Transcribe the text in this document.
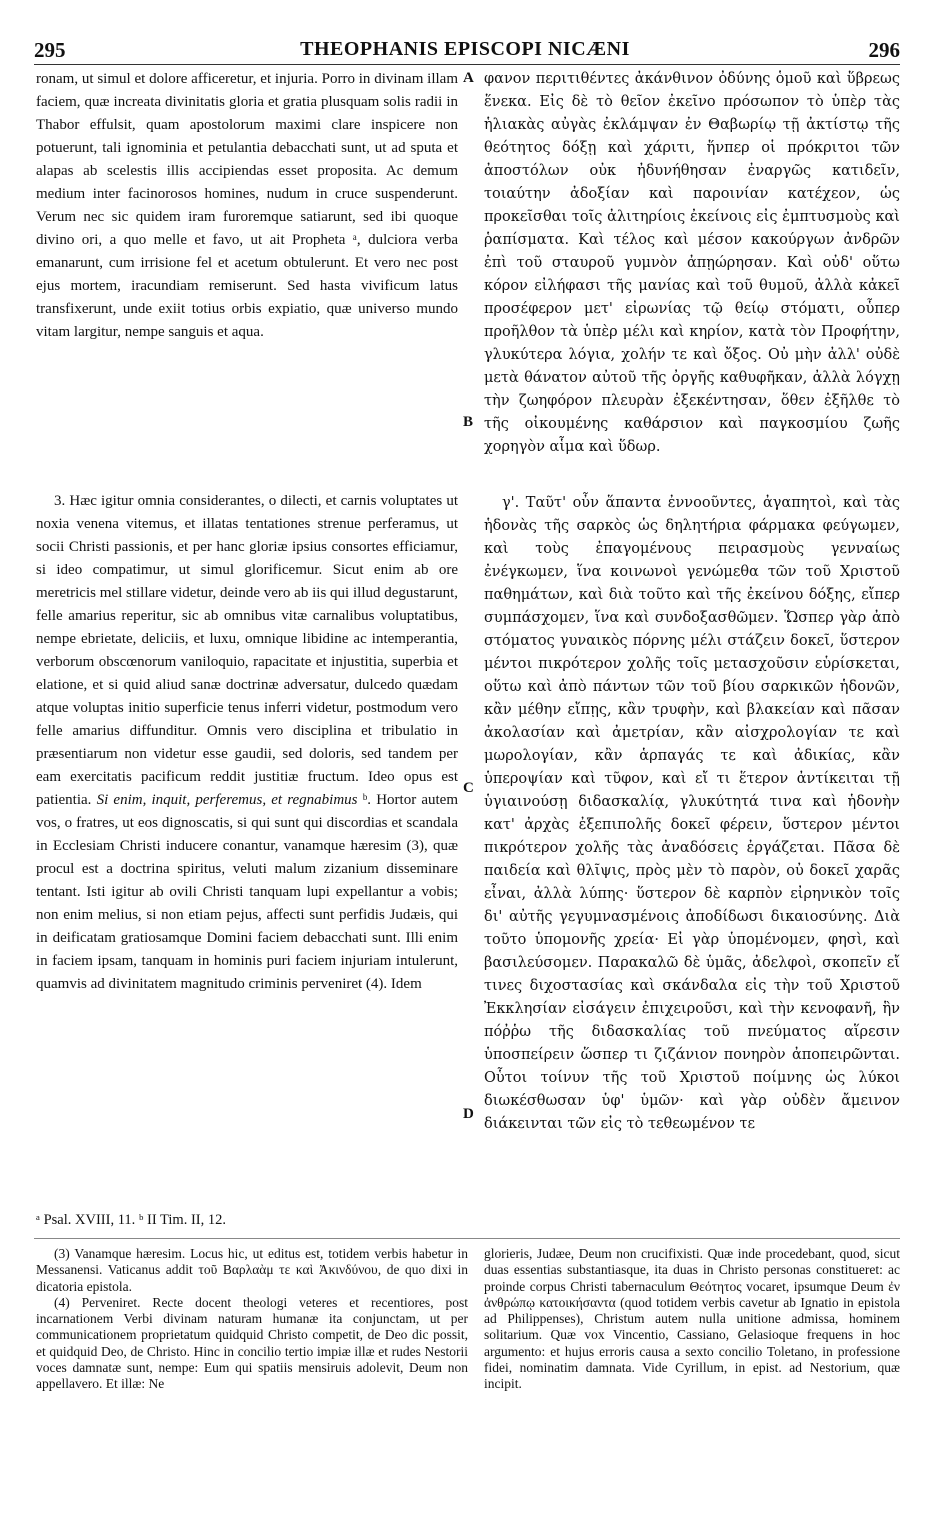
295	THEOPHANIS EPISCOPI NICÆNI	296

ronam, ut simul et dolore afficeretur, et injuria. Porro in divinam illam faciem, quæ increata divinitatis gloria et gratia plusquam solis radii in Thabor effulsit, quam apostolorum maximi clare inspicere non potuerunt, tali ignominia et petulantia debacchati sunt, ut ad sputa et alapas ab scelestis illis accipiendas esset proposita. Ac demum medium inter facinorosos homines, nudum in cruce suspenderunt. Verum nec sic quidem iram furoremque satiarunt, sed ibi quoque divino ori, a quo melle et favo, ut ait Propheta ᵃ, dulciora verba emanarunt, cum irrisione fel et acetum obtulerunt. Et vero nec post ejus mortem, iracundiam remiserunt. Sed hasta vivificum latus transfixerunt, unde exiit totius orbis expiatio, quæ universo mundo vitam largitur, nempe sanguis et aqua.

3. Hæc igitur omnia considerantes, o dilecti, et carnis voluptates ut noxia venena vitemus, et illatas tentationes strenue perferamus, ut socii Christi passionis, et per hanc gloriæ ipsius consortes efficiamur, si ideo compatimur, ut simul glorificemur. Sicut enim ab ore meretricis mel stillare videtur, deinde vero ab iis qui illud degustarunt, felle amarius reperitur, sic ab omnibus vitæ carnalibus voluptatibus, nempe ebrietate, deliciis, et luxu, omnique libidine ac intemperantia, verborum obscœnorum vaniloquio, rapacitate et injustitia, superbia et elatione, et si quid aliud sanæ doctrinæ adversatur, dulcedo quædam atque voluptas initio superficie tenus inferri videtur, postmodum vero felle amarius diffunditur. Omnis vero disciplina et tribulatio in præsentiarum non videtur esse gaudii, sed doloris, sed tandem per eam exercitatis pacificum reddit justitiæ fructum. Ideo opus est patientia. Si enim, inquit, perferemus, et regnabimus ᵇ. Hortor autem vos, o fratres, ut eos dignoscatis, si qui sunt qui discordias et scandala in Ecclesiam Christi inducere conantur, vanamque hæresim (3), quæ procul est a doctrina spiritus, veluti malum zizanium disseminare tentant. Isti igitur ab ovili Christi tanquam lupi expellantur a vobis; non enim melius, si non etiam pejus, affecti sunt perfidis Judæis, qui in deificatam gratiosamque Domini faciem debacchati sunt. Illi enim in faciem ipsam, tanquam in hominis puri faciem injuriam intulerunt, quamvis ad divinitatem magnitudo criminis perveniret (4). Idem

φανον περιτιθέντες ἀκάνθινον ὀδύνης ὁμοῦ καὶ ὕβρεως ἕνεκα. Εἰς δὲ τὸ θεῖον ἐκεῖνο πρόσωπον τὸ ὑπὲρ τὰς ἡλιακὰς αὐγὰς ἐκλάμψαν ἐν Θαβωρίῳ τῇ ἀκτίστῳ τῆς θεότητος δόξῃ καὶ χάριτι, ἥνπερ οἱ πρόκριτοι τῶν ἀποστόλων οὐκ ἠδυνήθησαν ἐναργῶς κατιδεῖν, τοιαύτην ἀδοξίαν καὶ παροινίαν κατέχεον, ὡς προκεῖσθαι τοῖς ἀλιτηρίοις ἐκείνοις εἰς ἐμπτυσμοὺς καὶ ῥαπίσματα. Καὶ τέλος καὶ μέσον κακούργων ἀνδρῶν ἐπὶ τοῦ σταυροῦ γυμνὸν ἀπῃώρησαν. Καὶ οὐδ' οὕτω κόρον εἰλήφασι τῆς μανίας καὶ τοῦ θυμοῦ, ἀλλὰ κἀκεῖ προσέφερον μετ' εἰρωνίας τῷ θείῳ στόματι, οὗπερ προῆλθον τὰ ὑπὲρ μέλι καὶ κηρίον, κατὰ τὸν Προφήτην, γλυκύτερα λόγια, χολήν τε καὶ ὄξος. Οὐ μὴν ἀλλ' οὐδὲ μετὰ θάνατον αὐτοῦ τῆς ὀργῆς καθυφῆκαν, ἀλλὰ λόγχῃ τὴν ζωηφόρον πλευρὰν ἐξεκέντησαν, ὅθεν ἐξῆλθε τὸ τῆς οἰκουμένης καθάρσιον καὶ παγκοσμίου ζωῆς χορηγὸν αἷμα καὶ ὕδωρ.

γ'. Ταῦτ' οὖν ἅπαντα ἐννοοῦντες, ἀγαπητοὶ, καὶ τὰς ἡδονὰς τῆς σαρκὸς ὡς δηλητήρια φάρμακα φεύγωμεν, καὶ τοὺς ἐπαγομένους πειρασμοὺς γενναίως ἐνέγκωμεν, ἵνα κοινωνοὶ γενώμεθα τῶν τοῦ Χριστοῦ παθημάτων, καὶ διὰ τοῦτο καὶ τῆς ἐκείνου δόξης, εἴπερ συμπάσχομεν, ἵνα καὶ συνδοξασθῶμεν. Ὥσπερ γὰρ ἀπὸ στόματος γυναικὸς πόρνης μέλι στάζειν δοκεῖ, ὕστερον μέντοι πικρότερον χολῆς τοῖς μετασχοῦσιν εὑρίσκεται, οὕτω καὶ ἀπὸ πάντων τῶν τοῦ βίου σαρκικῶν ἡδονῶν, κἂν μέθην εἴπῃς, κἂν τρυφὴν, καὶ βλακείαν καὶ πᾶσαν ἀκολασίαν καὶ ἀμετρίαν, κἂν αἰσχρολογίαν τε καὶ μωρολογίαν, κἂν ἁρπαγάς τε καὶ ἀδικίας, κἂν ὑπεροψίαν καὶ τῦφον, καὶ εἴ τι ἕτερον ἀντίκειται τῇ ὑγιαινούσῃ διδασκαλίᾳ, γλυκύτητά τινα καὶ ἡδονὴν κατ' ἀρχὰς ἐξεπιπολῆς δοκεῖ φέρειν, ὕστερον μέντοι πικρότερον χολῆς τὰς ἀναδόσεις ἐργάζεται. Πᾶσα δὲ παιδεία καὶ θλῖψις, πρὸς μὲν τὸ παρὸν, οὐ δοκεῖ χαρᾶς εἶναι, ἀλλὰ λύπης· ὕστερον δὲ καρπὸν εἰρηνικὸν τοῖς δι' αὐτῆς γεγυμνασμένοις ἀποδίδωσι δικαιοσύνης. Διὰ τοῦτο ὑπομονῆς χρεία· Εἰ γὰρ ὑπομένομεν, φησὶ, καὶ βασιλεύσομεν. Παρακαλῶ δὲ ὑμᾶς, ἀδελφοὶ, σκοπεῖν εἴ τινες διχοστασίας καὶ σκάνδαλα εἰς τὴν τοῦ Χριστοῦ Ἐκκλησίαν εἰσάγειν ἐπιχειροῦσι, καὶ τὴν κενοφανῆ, ἣν πόῤῥω τῆς διδασκαλίας τοῦ πνεύματος αἵρεσιν ὑποσπείρειν ὥσπερ τι ζιζάνιον πονηρὸν ἀποπειρῶνται. Οὗτοι τοίνυν τῆς τοῦ Χριστοῦ ποίμνης ὡς λύκοι διωκέσθωσαν ὑφ' ὑμῶν· καὶ γὰρ οὐδὲν ἄμεινον διάκεινται τῶν εἰς τὸ τεθεωμένον τε

A
B
C
D
ᵃ Psal. XVIII, 11. ᵇ II Tim. II, 12.

(3) Vanamque hæresim. Locus hic, ut editus est, totidem verbis habetur in Messanensi. Vaticanus addit τοῦ Βαρλαὰμ τε καὶ Ἀκινδύνου, de quo dixi in dicatoria epistola.

(4) Perveniret. Recte docent theologi veteres et recentiores, post incarnationem Verbi divinam naturam humanæ ita conjunctam, ut per communicationem proprietatum quidquid Christo competit, de Deo dic possit, et quidquid Deo, de Christo. Hinc in concilio tertio impiæ illæ et rudes Nestorii voces damnatæ sunt, nempe: Eum qui spatiis mensiruis adolevit, Deum non appellavero. Et illæ: Ne

glorieris, Judæe, Deum non crucifixisti. Quæ inde procedebant, quod, sicut duas essentias substantiasque, ita duas in Christo personas constitueret: ac proinde corpus Christi tabernaculum Θεότητος vocaret, ipsumque Deum ἐν ἀνθρώπῳ κατοικήσαντα (quod totidem verbis cavetur ab Ignatio in epistola ad Philippenses), Christum autem nulla unitione admissa, hominem solitarium. Quæ vox Vincentio, Cassiano, Gelasioque frequens in hoc argumento: et hujus erroris causa a sexto concilio Toletano, in professione fidei, nominatim damnata. Vide Cyrillum, in epist. ad Nestorium, quæ incipit.
